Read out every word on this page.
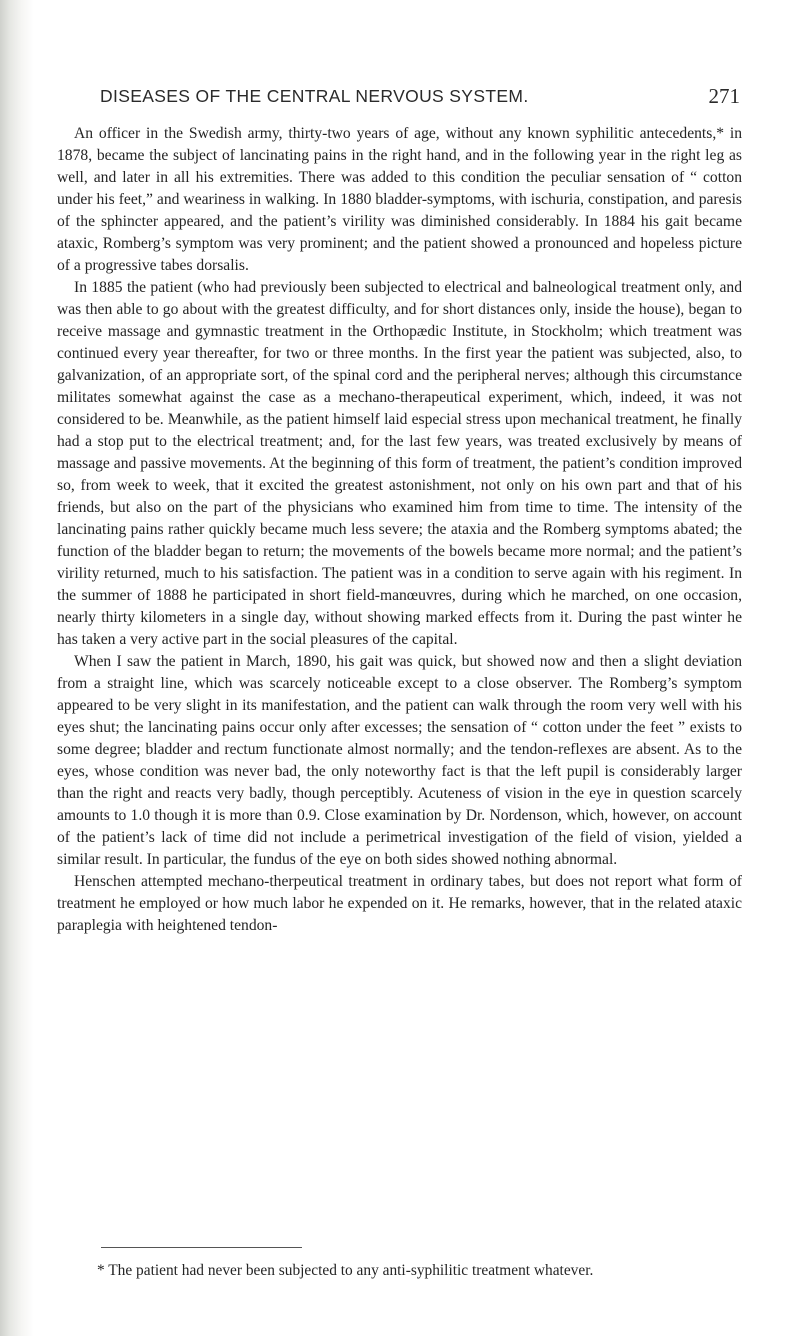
DISEASES OF THE CENTRAL NERVOUS SYSTEM.	271

An officer in the Swedish army, thirty-two years of age, without any known syphilitic antecedents,* in 1878, became the subject of lancinating pains in the right hand, and in the following year in the right leg as well, and later in all his extremities. There was added to this condition the peculiar sensation of “ cotton under his feet,” and weariness in walking. In 1880 bladder-symptoms, with ischuria, constipation, and paresis of the sphincter appeared, and the patient’s virility was diminished considerably. In 1884 his gait became ataxic, Romberg’s symptom was very prominent; and the patient showed a pronounced and hopeless picture of a progressive tabes dorsalis.

In 1885 the patient (who had previously been subjected to electrical and balneological treatment only, and was then able to go about with the greatest difficulty, and for short distances only, inside the house), began to receive massage and gymnastic treatment in the Orthopædic Institute, in Stockholm; which treatment was continued every year thereafter, for two or three months. In the first year the patient was subjected, also, to galvanization, of an appropriate sort, of the spinal cord and the peripheral nerves; although this circumstance militates somewhat against the case as a mechano-therapeutical experiment, which, indeed, it was not considered to be. Meanwhile, as the patient himself laid especial stress upon mechanical treatment, he finally had a stop put to the electrical treatment; and, for the last few years, was treated exclusively by means of massage and passive movements. At the beginning of this form of treatment, the patient’s condition improved so, from week to week, that it excited the greatest astonishment, not only on his own part and that of his friends, but also on the part of the physicians who examined him from time to time. The intensity of the lancinating pains rather quickly became much less severe; the ataxia and the Romberg symptoms abated; the function of the bladder began to return; the movements of the bowels became more normal; and the patient’s virility returned, much to his satisfaction. The patient was in a condition to serve again with his regiment. In the summer of 1888 he participated in short field-manœuvres, during which he marched, on one occasion, nearly thirty kilometers in a single day, without showing marked effects from it. During the past winter he has taken a very active part in the social pleasures of the capital.

When I saw the patient in March, 1890, his gait was quick, but showed now and then a slight deviation from a straight line, which was scarcely noticeable except to a close observer. The Romberg’s symptom appeared to be very slight in its manifestation, and the patient can walk through the room very well with his eyes shut; the lancinating pains occur only after excesses; the sensation of “ cotton under the feet ” exists to some degree; bladder and rectum functionate almost normally; and the tendon-reflexes are absent. As to the eyes, whose condition was never bad, the only noteworthy fact is that the left pupil is considerably larger than the right and reacts very badly, though perceptibly. Acuteness of vision in the eye in question scarcely amounts to 1.0 though it is more than 0.9. Close examination by Dr. Nordenson, which, however, on account of the patient’s lack of time did not include a perimetrical investigation of the field of vision, yielded a similar result. In particular, the fundus of the eye on both sides showed nothing abnormal.

Henschen attempted mechano-therpeutical treatment in ordinary tabes, but does not report what form of treatment he employed or how much labor he expended on it. He remarks, however, that in the related ataxic paraplegia with heightened tendon-

* The patient had never been subjected to any anti-syphilitic treatment whatever.
